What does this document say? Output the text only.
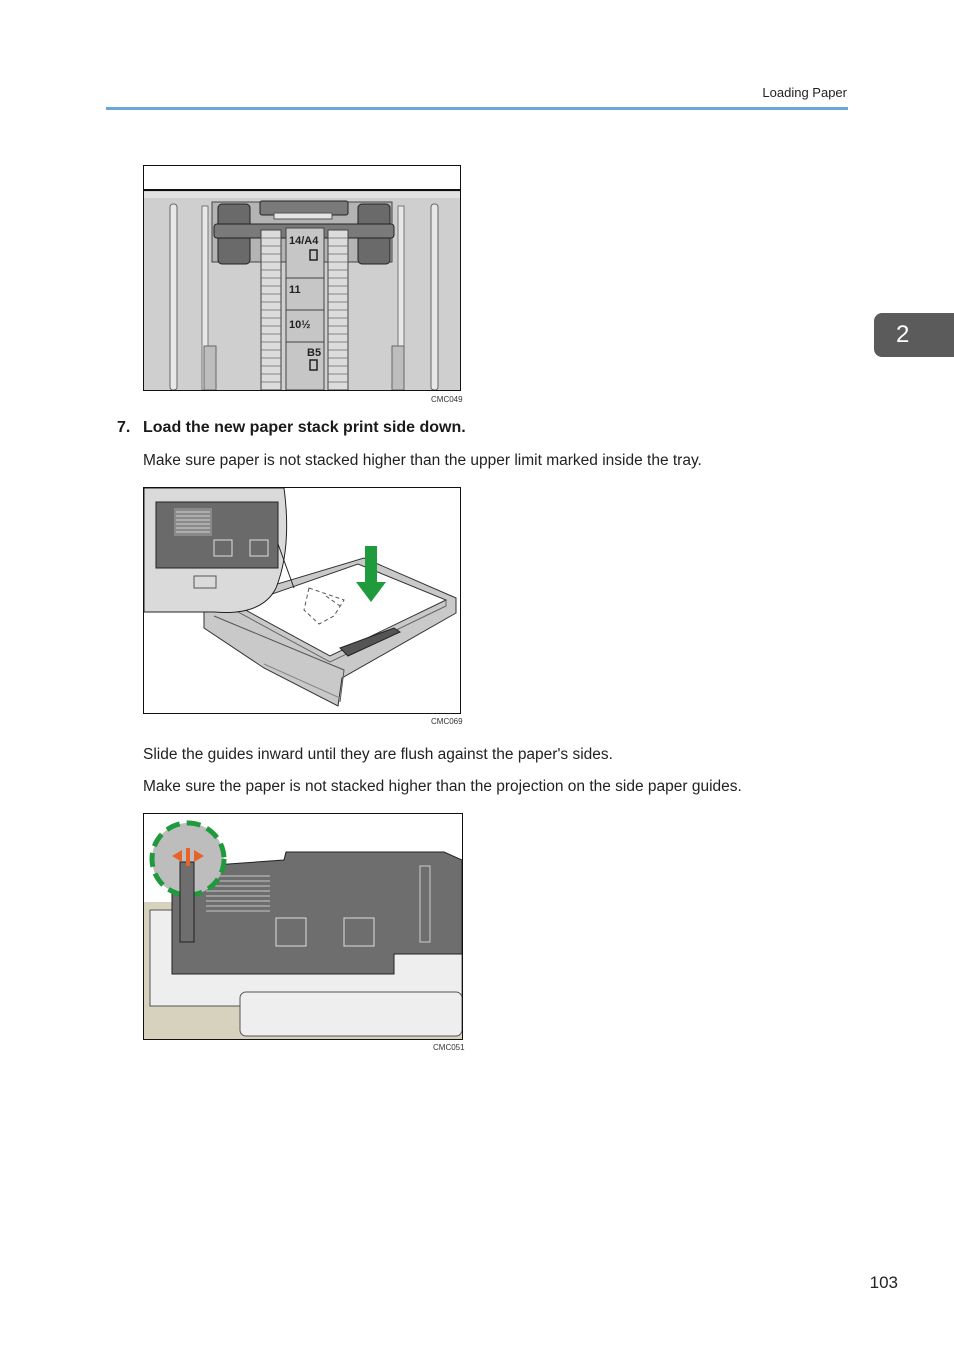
Loading Paper
2
14/A4
11
10½
B5
CMC049
7. Load the new paper stack print side down.
Make sure paper is not stacked higher than the upper limit marked inside the tray.
CMC069
Slide the guides inward until they are flush against the paper's sides.
Make sure the paper is not stacked higher than the projection on the side paper guides.
CMC051
103
